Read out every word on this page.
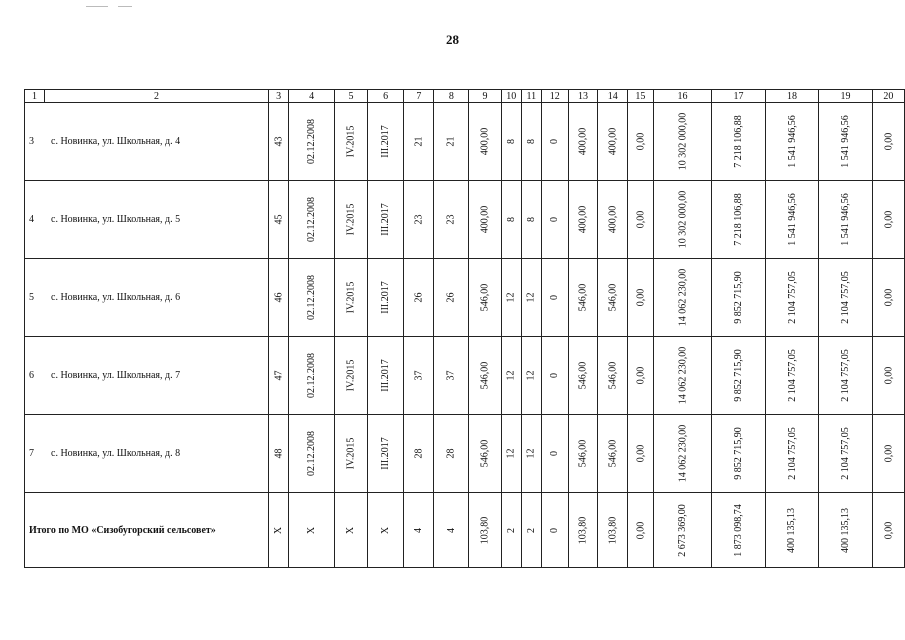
28
1	2	3	4	5	6	7	8	9	10	11	12	13	14	15	16	17	18	19	20
3 с. Новинка, ул. Школьная, д. 4		43	02.12.2008	IV.2015	III.2017	21	21	400,00	8	8	0	400,00	400,00	0,00	10 302 000,00	7 218 106,88	1 541 946,56	1 541 946,56	0,00
4 с. Новинка, ул. Школьная, д. 5		45	02.12.2008	IV.2015	III.2017	23	23	400,00	8	8	0	400,00	400,00	0,00	10 302 000,00	7 218 106,88	1 541 946,56	1 541 946,56	0,00
5 с. Новинка, ул. Школьная, д. 6		46	02.12.2008	IV.2015	III.2017	26	26	546,00	12	12	0	546,00	546,00	0,00	14 062 230,00	9 852 715,90	2 104 757,05	2 104 757,05	0,00
6 с. Новинка, ул. Школьная, д. 7		47	02.12.2008	IV.2015	III.2017	37	37	546,00	12	12	0	546,00	546,00	0,00	14 062 230,00	9 852 715,90	2 104 757,05	2 104 757,05	0,00
7 с. Новинка, ул. Школьная, д. 8		48	02.12.2008	IV.2015	III.2017	28	28	546,00	12	12	0	546,00	546,00	0,00	14 062 230,00	9 852 715,90	2 104 757,05	2 104 757,05	0,00
Итого по МО «Сизобугорский сельсовет»		Х	Х	Х	Х	4	4	103,80	2	2	0	103,80	103,80	0,00	2 673 369,00	1 873 098,74	400 135,13	400 135,13	0,00
